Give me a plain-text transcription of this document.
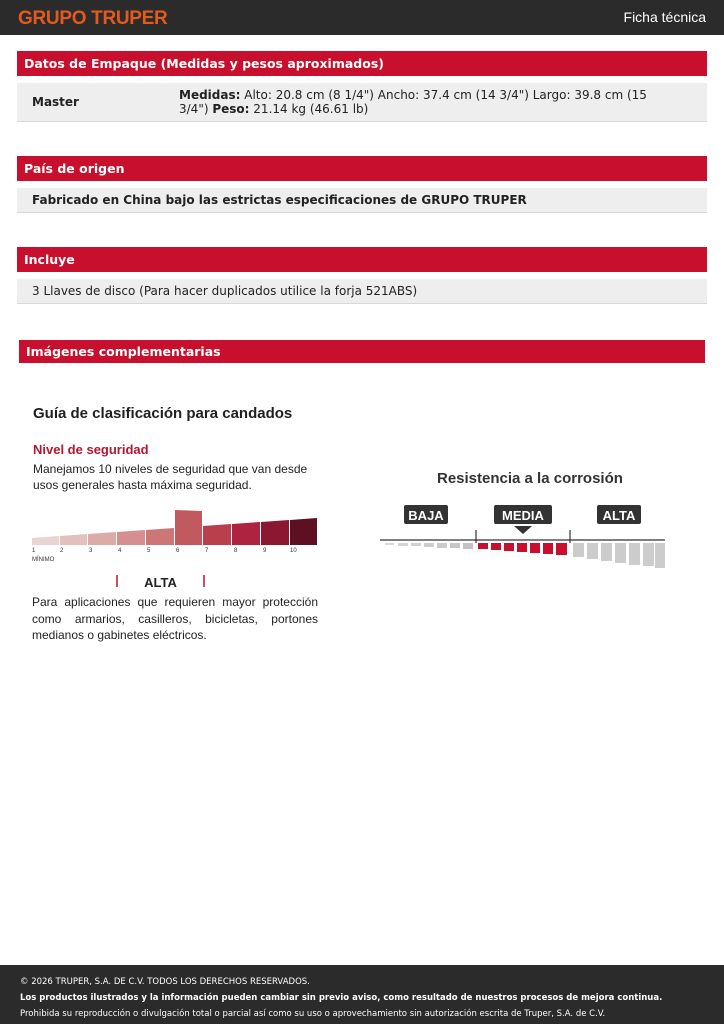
GRUPO TRUPER	Ficha técnica
Datos de Empaque (Medidas y pesos aproximados)
Master	Medidas: Alto: 20.8 cm (8 1/4") Ancho: 37.4 cm (14 3/4") Largo: 39.8 cm (15 3/4") Peso: 21.14 kg (46.61 lb)
País de origen
Fabricado en China bajo las estrictas especificaciones de GRUPO TRUPER
Incluye
3 Llaves de disco (Para hacer duplicados utilice la forja 521ABS)
Imágenes complementarias
Guía de clasificación para candados
Nivel de seguridad
Manejamos 10 niveles de seguridad que van desde usos generales hasta máxima seguridad.
1	2	3	4	5	6	7	8	9	10
MÍNIMO
ALTA
BAJA	MEDIA	ALTA
Para aplicaciones que requieren mayor protección como armarios, casilleros, bicicletas, portones medianos o gabinetes eléctricos.
Resistencia a la corrosión
© 2026 TRUPER, S.A. DE C.V. TODOS LOS DERECHOS RESERVADOS.
Los productos ilustrados y la información pueden cambiar sin previo aviso, como resultado de nuestros procesos de mejora continua.
Prohibida su reproducción o divulgación total o parcial así como su uso o aprovechamiento sin autorización escrita de Truper, S.A. de C.V.
